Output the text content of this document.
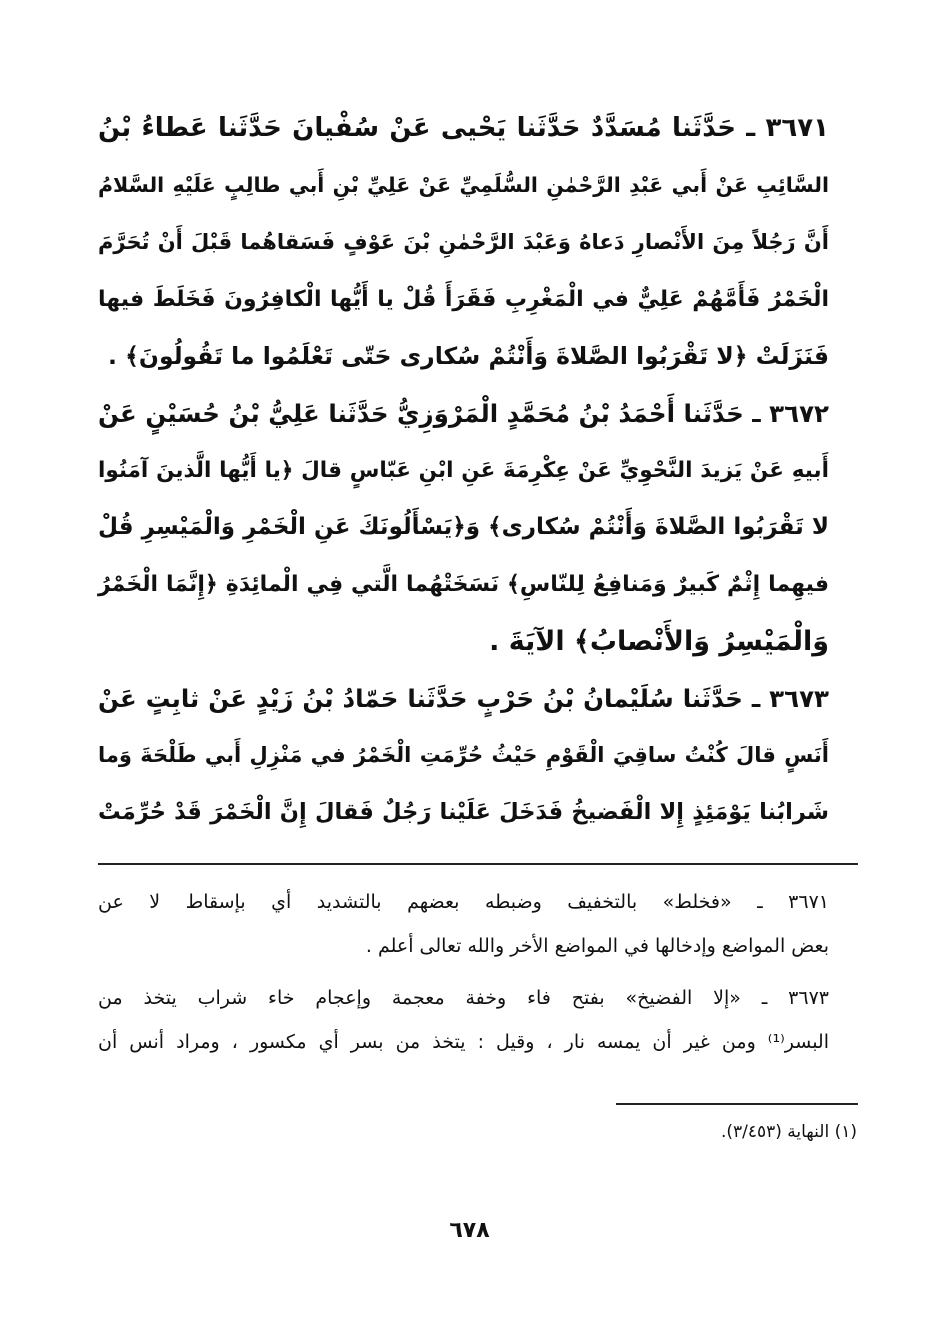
٣٦٧١ ـ حَدَّثَنا مُسَدَّدٌ حَدَّثَنا يَحْيى عَنْ سُفْيانَ حَدَّثَنا عَطاءُ بْنُ
السَّائِبِ عَنْ أَبي عَبْدِ الرَّحْمٰنِ السُّلَمِيِّ عَنْ عَلِيِّ بْنِ أَبي طالِبٍ عَلَيْهِ السَّلامُ
أَنَّ رَجُلاً مِنَ الأَنْصارِ دَعاهُ وَعَبْدَ الرَّحْمٰنِ بْنَ عَوْفٍ فَسَقاهُما قَبْلَ أَنْ تُحَرَّمَ
الْخَمْرُ فَأَمَّهُمْ عَلِيٌّ في الْمَغْرِبِ فَقَرَأَ قُلْ يا أَيُّها الْكافِرُونَ فَخَلَطَ فيها
فَنَزَلَتْ ﴿لا تَقْرَبُوا الصَّلاةَ وَأَنْتُمْ سُكارى حَتّى تَعْلَمُوا ما تَقُولُونَ﴾ .
٣٦٧٢ ـ حَدَّثَنا أَحْمَدُ بْنُ مُحَمَّدٍ الْمَرْوَزِيُّ حَدَّثَنا عَلِيُّ بْنُ حُسَيْنٍ عَنْ
أَبيهِ عَنْ يَزيدَ النَّحْوِيِّ عَنْ عِكْرِمَةَ عَنِ ابْنِ عَبّاسٍ قالَ ﴿يا أَيُّها الَّذينَ آمَنُوا
لا تَقْرَبُوا الصَّلاةَ وَأَنْتُمْ سُكارى﴾ وَ﴿يَسْأَلُونَكَ عَنِ الْخَمْرِ وَالْمَيْسِرِ قُلْ
فيهِما إِثْمٌ كَبيرٌ وَمَنافِعُ لِلنّاسِ﴾ نَسَخَتْهُما الَّتي فِي الْمائِدَةِ ﴿إِنَّمَا الْخَمْرُ
وَالْمَيْسِرُ وَالأَنْصابُ﴾ الآيَةَ .
٣٦٧٣ ـ حَدَّثَنا سُلَيْمانُ بْنُ حَرْبٍ حَدَّثَنا حَمّادُ بْنُ زَيْدٍ عَنْ ثابِتٍ عَنْ
أَنَسٍ قالَ كُنْتُ ساقِيَ الْقَوْمِ حَيْثُ حُرِّمَتِ الْخَمْرُ في مَنْزِلِ أَبي طَلْحَةَ وَما
شَرابُنا يَوْمَئِذٍ إِلا الْفَضيخُ فَدَخَلَ عَلَيْنا رَجُلٌ فَقالَ إِنَّ الْخَمْرَ قَدْ حُرِّمَتْ
٣٦٧١ ـ «فخلط» بالتخفيف وضبطه بعضهم بالتشديد أي بإسقاط لا عن
بعض المواضع وإدخالها في المواضع الأخر والله تعالى أعلم .
٣٦٧٣ ـ «إلا الفضيخ» بفتح فاء وخفة معجمة وإعجام خاء شراب يتخذ من
البسر⁽¹⁾ ومن غير أن يمسه نار ، وقيل : يتخذ من بسر أي مكسور ، ومراد أنس أن
(١) النهاية (٣/٤٥٣).
٦٧٨
